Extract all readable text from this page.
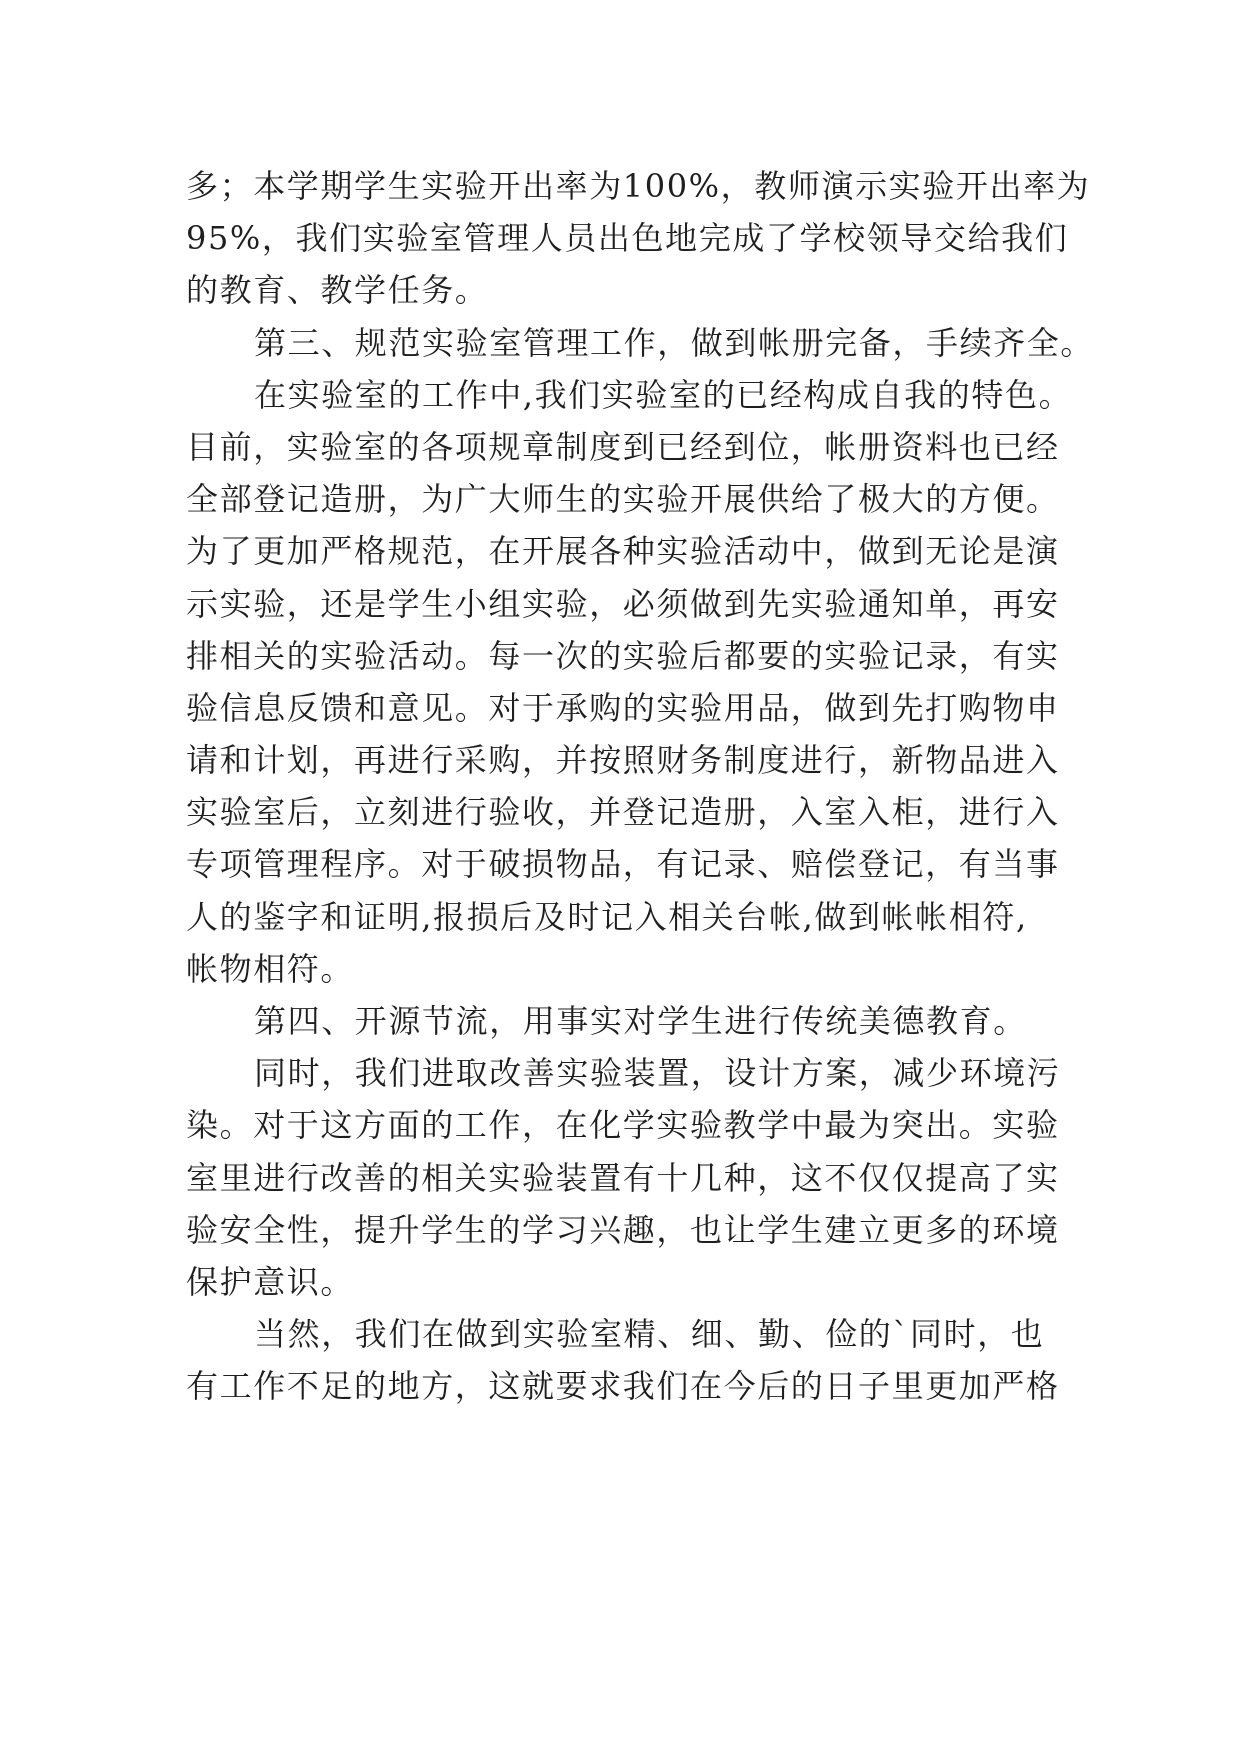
多；本学期学生实验开出率为100%，教师演示实验开出率为
95%，我们实验室管理人员出色地完成了学校领导交给我们
的教育、教学任务。
第三、规范实验室管理工作，做到帐册完备，手续齐全。
在实验室的工作中,我们实验室的已经构成自我的特色。
目前，实验室的各项规章制度到已经到位，帐册资料也已经
全部登记造册，为广大师生的实验开展供给了极大的方便。
为了更加严格规范，在开展各种实验活动中，做到无论是演
示实验，还是学生小组实验，必须做到先实验通知单，再安
排相关的实验活动。每一次的实验后都要的实验记录，有实
验信息反馈和意见。对于承购的实验用品，做到先打购物申
请和计划，再进行采购，并按照财务制度进行，新物品进入
实验室后，立刻进行验收，并登记造册，入室入柜，进行入
专项管理程序。对于破损物品，有记录、赔偿登记，有当事
人的鉴字和证明,报损后及时记入相关台帐,做到帐帐相符,
帐物相符。
第四、开源节流，用事实对学生进行传统美德教育。
同时，我们进取改善实验装置，设计方案，减少环境污
染。对于这方面的工作，在化学实验教学中最为突出。实验
室里进行改善的相关实验装置有十几种，这不仅仅提高了实
验安全性，提升学生的学习兴趣，也让学生建立更多的环境
保护意识。
当然，我们在做到实验室精、细、勤、俭的`同时，也
有工作不足的地方，这就要求我们在今后的日子里更加严格
